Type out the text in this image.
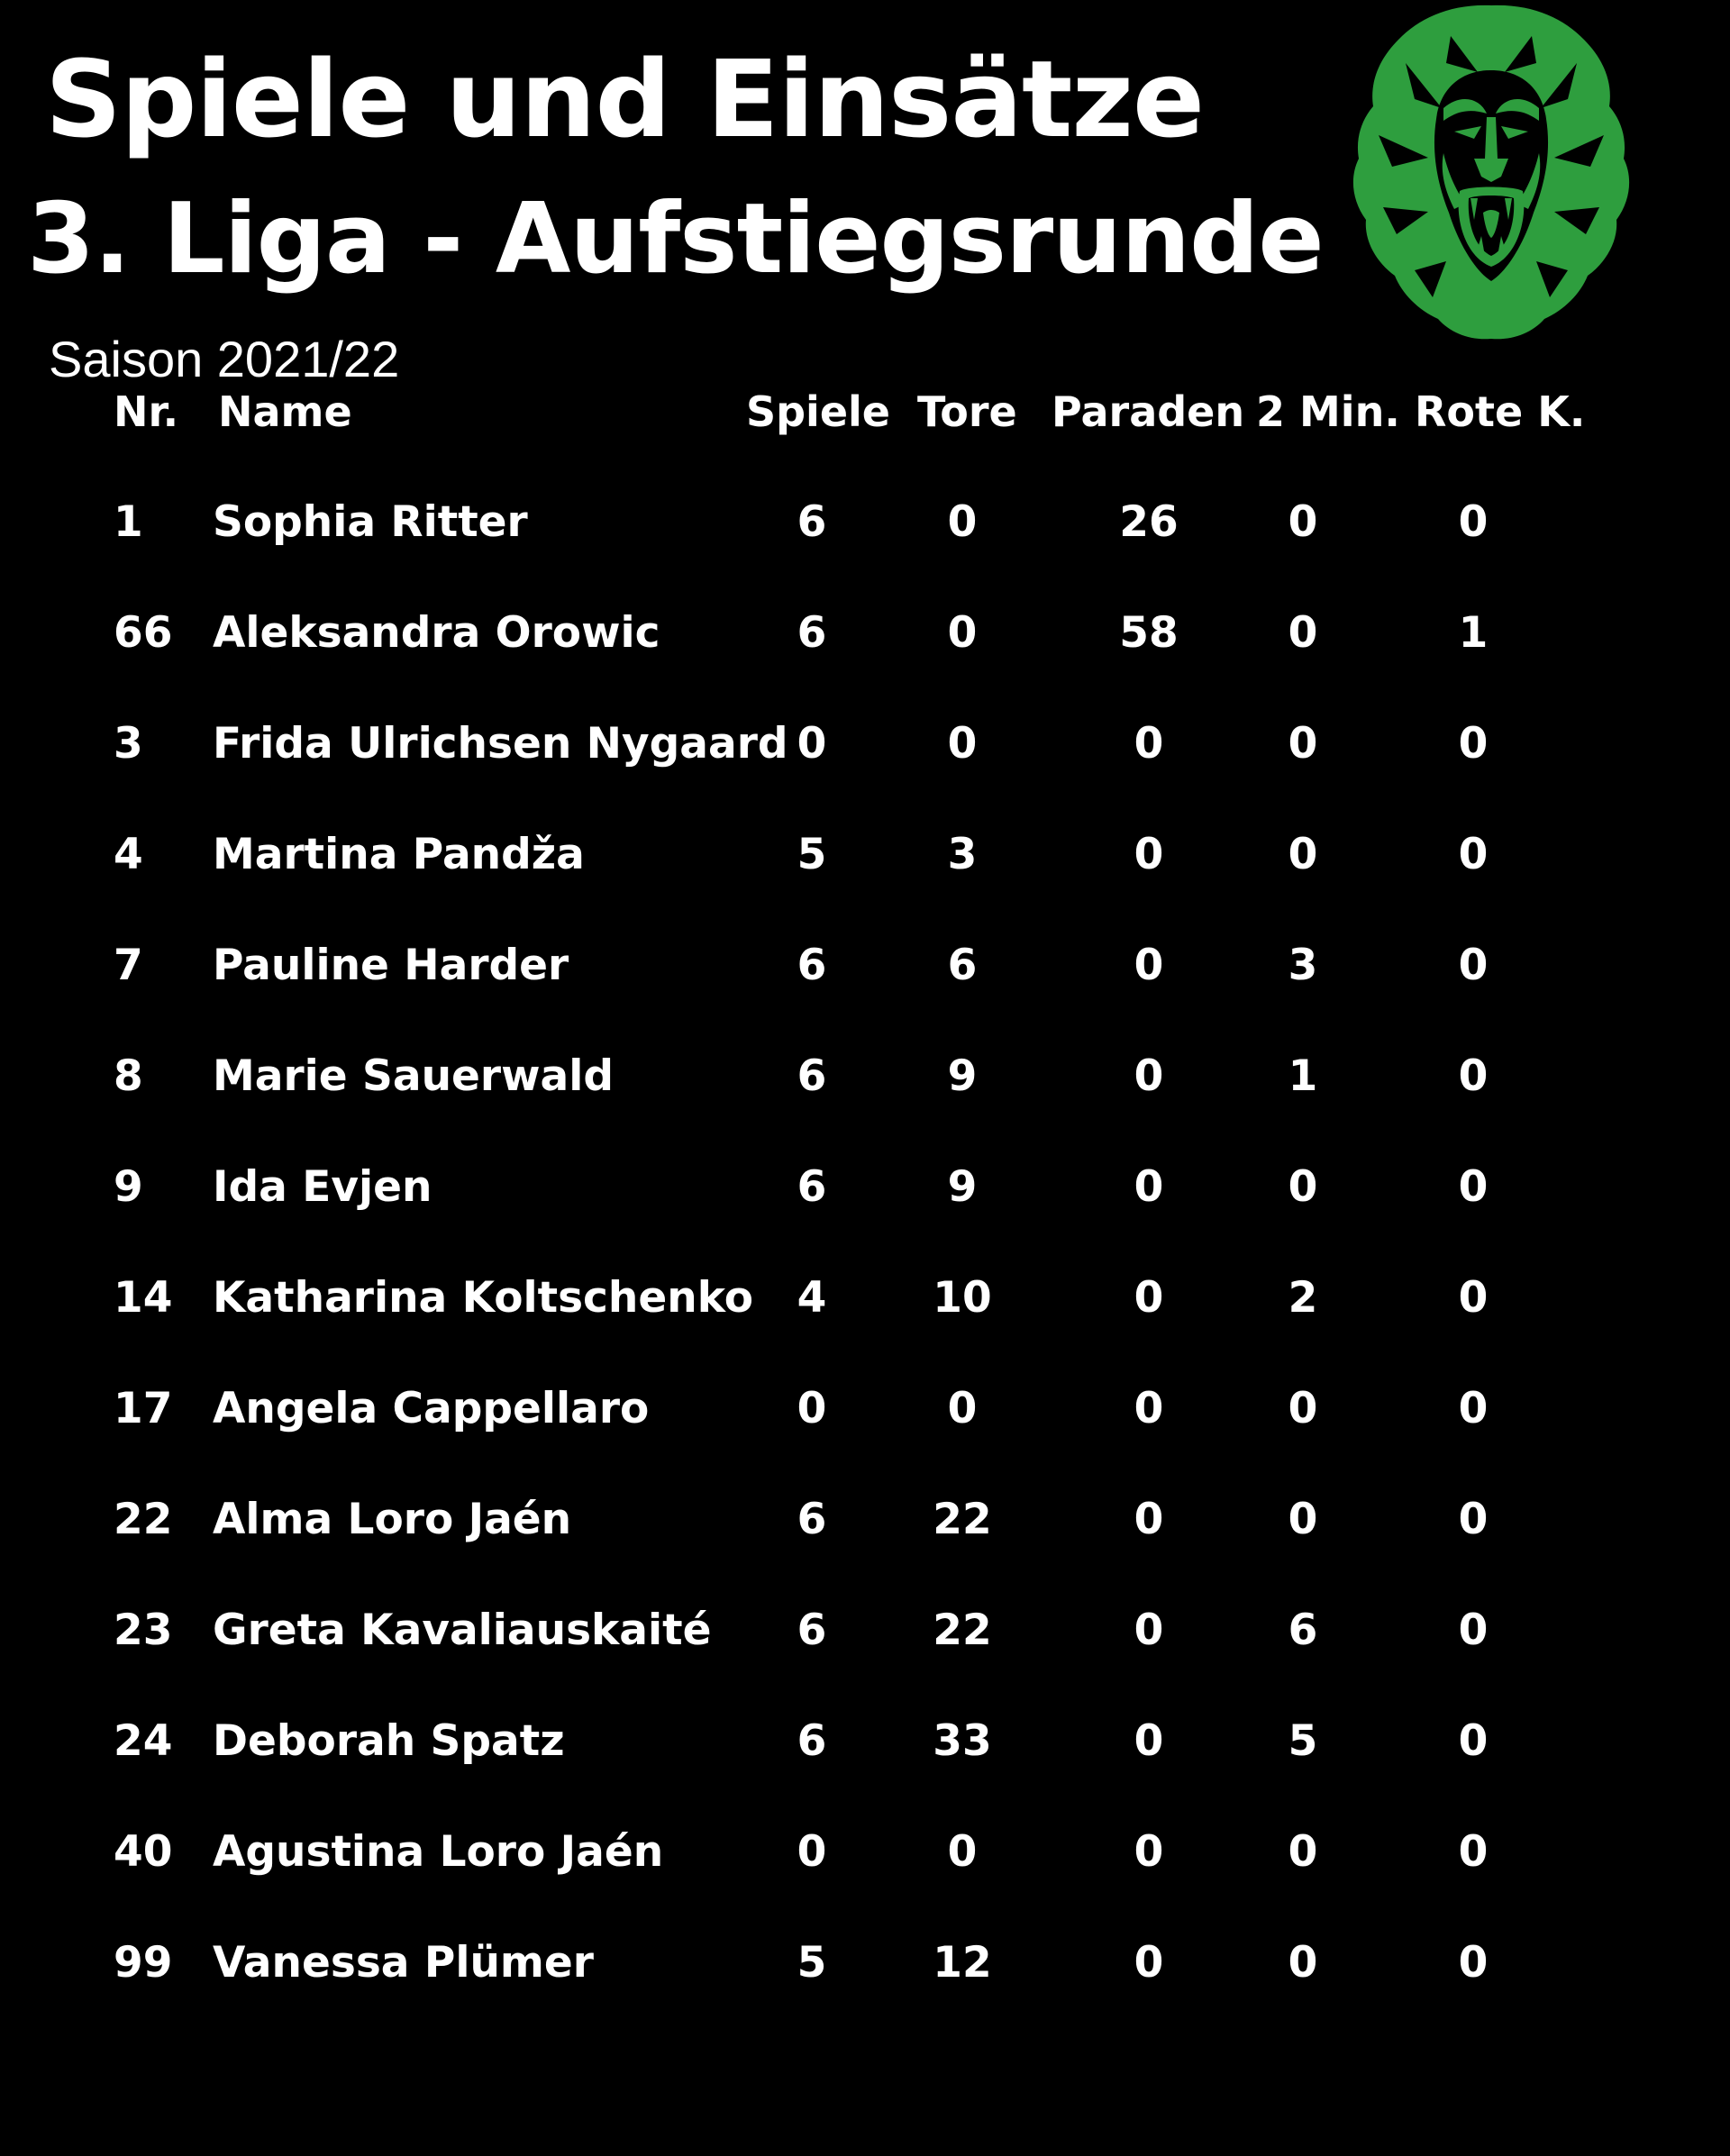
Spiele und Einsätze
3. Liga - Aufstiegsrunde
Saison 2021/22
Nr. Name	Spiele Tore Paraden 2 Min. Rote K.
1 Sophia Ritter	6	0	26	0	0
66 Aleksandra Orowic	6	0	58	0	1
3 Frida Ulrichsen Nygaard 0	0	0	0	0
4 Martina Pandža	5	3	0	0	0
7 Pauline Harder	6	6	0	3	0
8 Marie Sauerwald	6	9	0	1	0
9 Ida Evjen	6	9	0	0	0
14 Katharina Koltschenko	4	10	0	2	0
17 Angela Cappellaro	0	0	0	0	0
22 Alma Loro Jaén	6	22	0	0	0
23 Greta Kavaliauskaité	6	22	0	6	0
24 Deborah Spatz	6	33	0	5	0
40 Agustina Loro Jaén	0	0	0	0	0
99 Vanessa Plümer	5	12	0	0	0
